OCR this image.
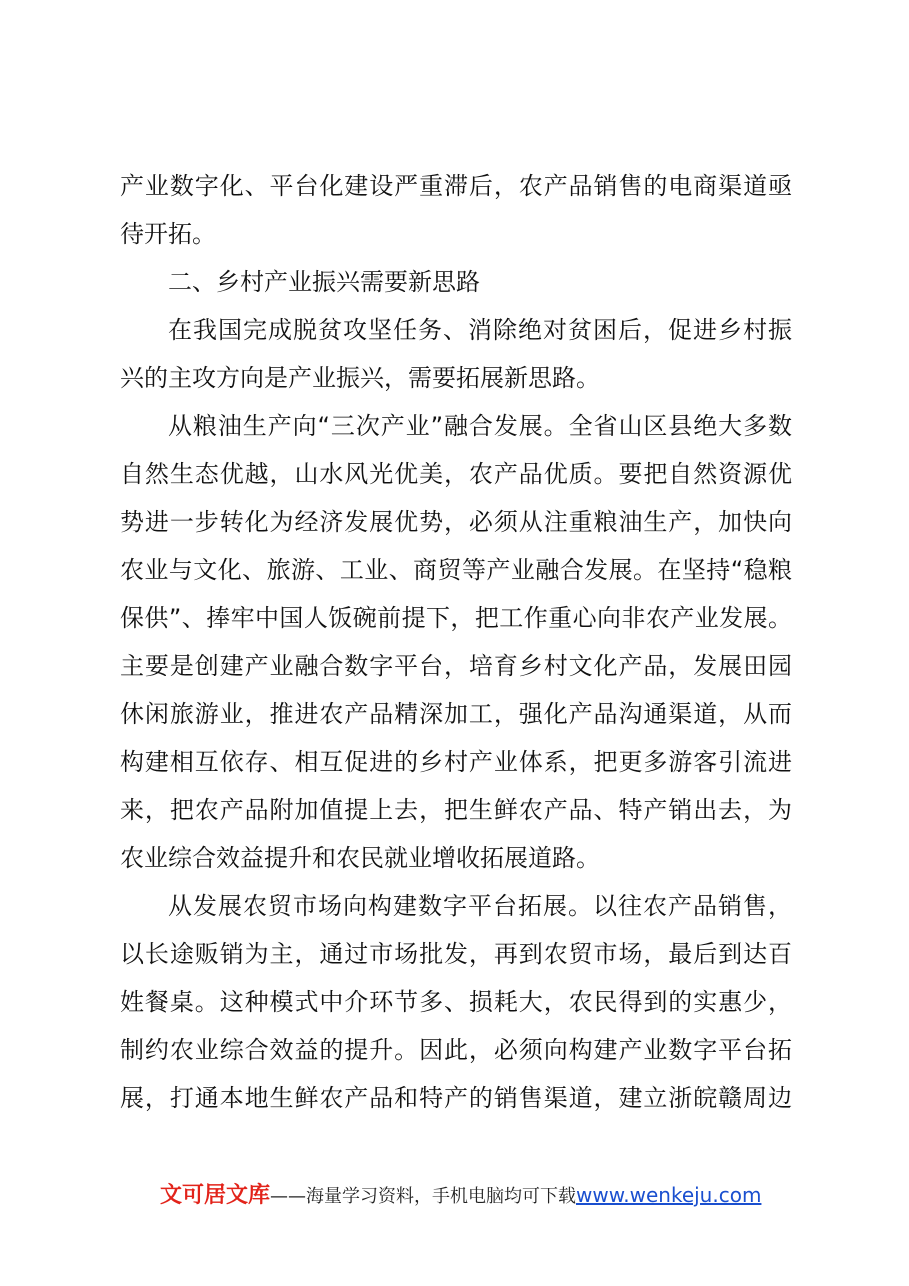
产业数字化、平台化建设严重滞后，农产品销售的电商渠道亟
待开拓。
二、乡村产业振兴需要新思路
在我国完成脱贫攻坚任务、消除绝对贫困后，促进乡村振
兴的主攻方向是产业振兴，需要拓展新思路。
从粮油生产向“三次产业”融合发展。全省山区县绝大多数
自然生态优越，山水风光优美，农产品优质。要把自然资源优
势进一步转化为经济发展优势，必须从注重粮油生产，加快向
农业与文化、旅游、工业、商贸等产业融合发展。在坚持“稳粮
保供”、捧牢中国人饭碗前提下，把工作重心向非农产业发展。
主要是创建产业融合数字平台，培育乡村文化产品，发展田园
休闲旅游业，推进农产品精深加工，强化产品沟通渠道，从而
构建相互依存、相互促进的乡村产业体系，把更多游客引流进
来，把农产品附加值提上去，把生鲜农产品、特产销出去，为
农业综合效益提升和农民就业增收拓展道路。
从发展农贸市场向构建数字平台拓展。以往农产品销售，
以长途贩销为主，通过市场批发，再到农贸市场，最后到达百
姓餐桌。这种模式中介环节多、损耗大，农民得到的实惠少，
制约农业综合效益的提升。因此，必须向构建产业数字平台拓
展，打通本地生鲜农产品和特产的销售渠道，建立浙皖赣周边
文可居文库——海量学习资料，手机电脑均可下载www.wenkeju.com
